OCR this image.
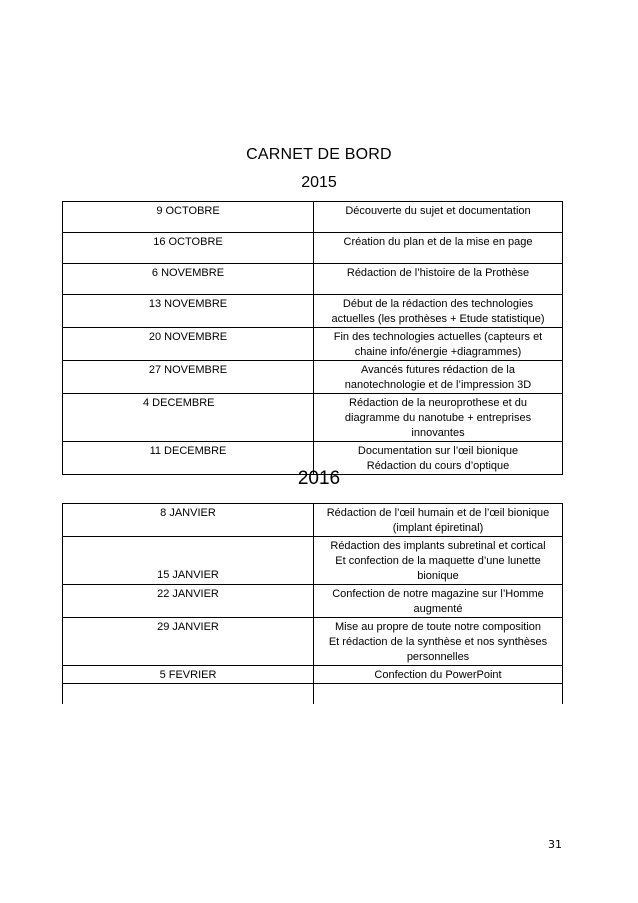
CARNET DE BORD
2015
9 OCTOBRE	Découverte du sujet et documentation
16 OCTOBRE	Création du plan et de la mise en page
6 NOVEMBRE	Rédaction de l’histoire de la Prothèse
13 NOVEMBRE	Début de la rédaction des technologies
actuelles (les prothèses + Etude statistique)

20 NOVEMBRE	Fin des technologies actuelles (capteurs et
chaine info/énergie +diagrammes)

27 NOVEMBRE	Avancés futures rédaction de la
nanotechnologie et de l’impression 3D

4 DECEMBRE	Rédaction de la neuroprothese et du
diagramme du nanotube + entreprises
innovantes

11 DECEMBRE	Documentation sur l’œil bionique
Rédaction du cours d’optique
2016
8 JANVIER	Rédaction de l’œil humain et de l’œil bionique
(implant épiretinal)

15 JANVIER	Rédaction des implants subretinal et cortical
Et confection de la maquette d’une lunette
bionique

22 JANVIER	Confection de notre magazine sur l’Homme
augmenté

29 JANVIER	Mise au propre de toute notre composition
Et rédaction de la synthèse et nos synthèses
personnelles

5 FEVRIER	Confection du PowerPoint

31
